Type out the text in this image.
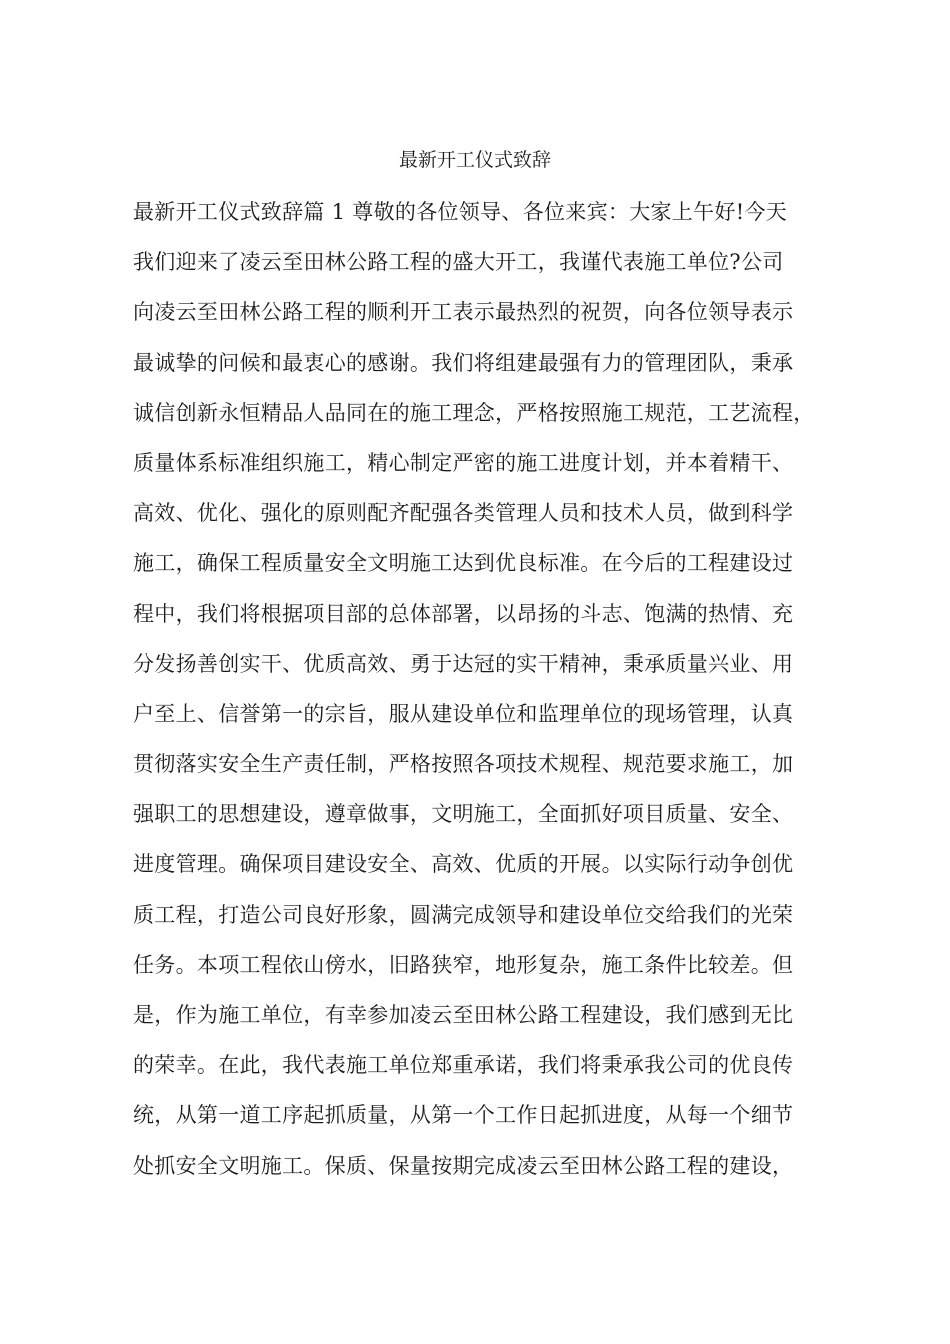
最新开工仪式致辞
最新开工仪式致辞篇 1 尊敬的各位领导、各位来宾：大家上午好!今天
我们迎来了凌云至田林公路工程的盛大开工，我谨代表施工单位?公司
向凌云至田林公路工程的顺利开工表示最热烈的祝贺，向各位领导表示
最诚挚的问候和最衷心的感谢。我们将组建最强有力的管理团队，秉承
诚信创新永恒精品人品同在的施工理念，严格按照施工规范，工艺流程，
质量体系标准组织施工，精心制定严密的施工进度计划，并本着精干、
高效、优化、强化的原则配齐配强各类管理人员和技术人员，做到科学
施工，确保工程质量安全文明施工达到优良标准。在今后的工程建设过
程中，我们将根据项目部的总体部署，以昂扬的斗志、饱满的热情、充
分发扬善创实干、优质高效、勇于达冠的实干精神，秉承质量兴业、用
户至上、信誉第一的宗旨，服从建设单位和监理单位的现场管理，认真
贯彻落实安全生产责任制，严格按照各项技术规程、规范要求施工，加
强职工的思想建设，遵章做事，文明施工，全面抓好项目质量、安全、
进度管理。确保项目建设安全、高效、优质的开展。以实际行动争创优
质工程，打造公司良好形象，圆满完成领导和建设单位交给我们的光荣
任务。本项工程依山傍水，旧路狭窄，地形复杂，施工条件比较差。但
是，作为施工单位，有幸参加凌云至田林公路工程建设，我们感到无比
的荣幸。在此，我代表施工单位郑重承诺，我们将秉承我公司的优良传
统，从第一道工序起抓质量，从第一个工作日起抓进度，从每一个细节
处抓安全文明施工。保质、保量按期完成凌云至田林公路工程的建设，
